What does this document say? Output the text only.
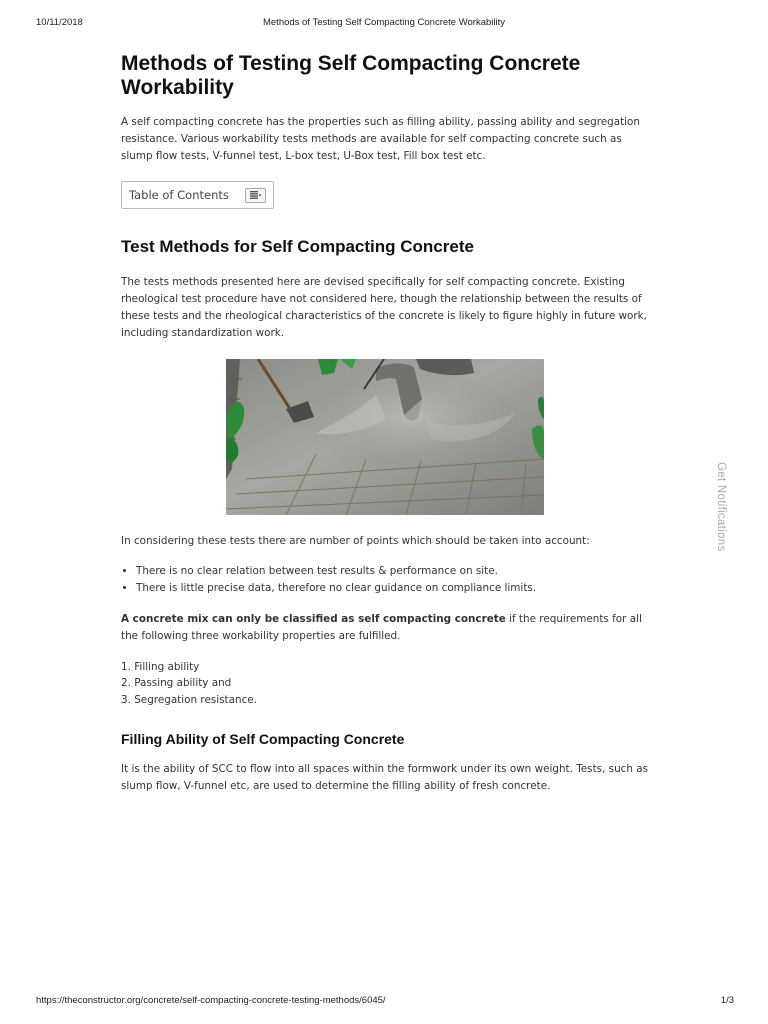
10/11/2018	Methods of Testing Self Compacting Concrete Workability
Methods of Testing Self Compacting Concrete Workability

A self compacting concrete has the properties such as filling ability, passing ability and segregation resistance. Various workability tests methods are available for self compacting concrete such as slump flow tests, V-funnel test, L-box test, U-Box test, Fill box test etc.

Table of Contents
Test Methods for Self Compacting Concrete

The tests methods presented here are devised specifically for self compacting concrete. Existing rheological test procedure have not considered here, though the relationship between the results of these tests and the rheological characteristics of the concrete is likely to figure highly in future work, including standardization work.

In considering these tests there are number of points which should be taken into account:

• There is no clear relation between test results & performance on site.
• There is little precise data, therefore no clear guidance on compliance limits.

A concrete mix can only be classified as self compacting concrete if the requirements for all the following three workability properties are fulfilled.

1. Filling ability
2. Passing ability and
3. Segregation resistance.
Filling Ability of Self Compacting Concrete

It is the ability of SCC to flow into all spaces within the formwork under its own weight. Tests, such as slump flow, V-funnel etc, are used to determine the filling ability of fresh concrete.

Get Notifications
https://theconstructor.org/concrete/self-compacting-concrete-testing-methods/6045/	1/3
